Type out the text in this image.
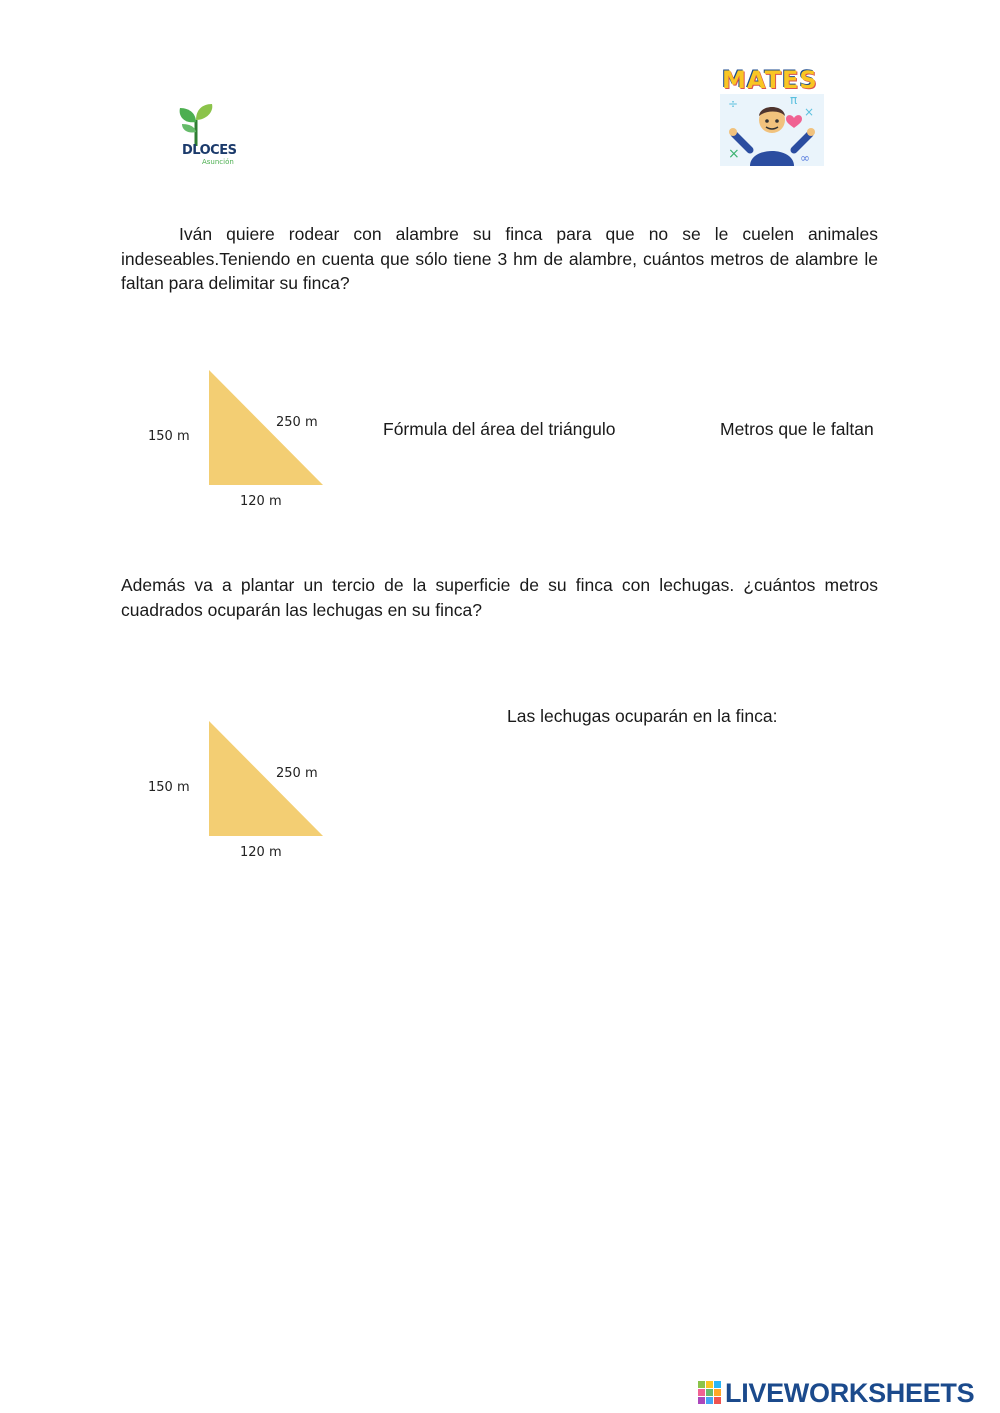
DLOCES
Asunción
MATES
÷
×
×	∞
π
Iván quiere rodear con alambre su finca para que no se le cuelen animales indeseables.Teniendo en cuenta que sólo tiene 3 hm de alambre, cuántos metros de alambre le faltan para delimitar su finca?
150 m
250 m
120 m
Fórmula del área del triángulo	Metros que le faltan
Además va a plantar un tercio de la superficie de su finca con lechugas. ¿cuántos metros cuadrados ocuparán las lechugas en su finca?
150 m
250 m
120 m
Las lechugas ocuparán en la finca:
LIVEWORKSHEETS
